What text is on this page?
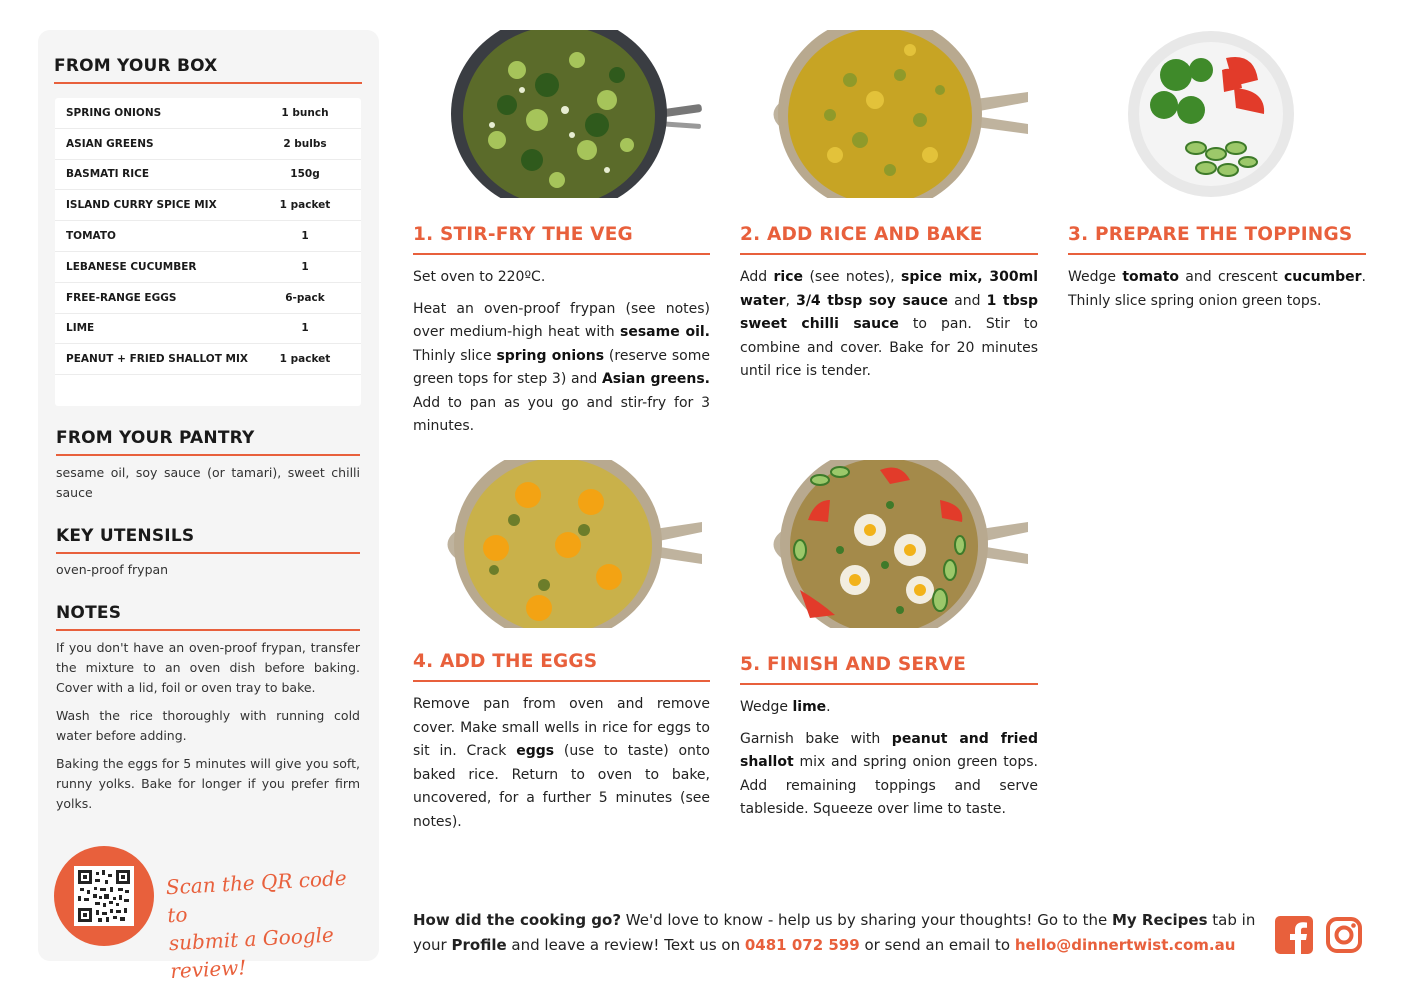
FROM YOUR BOX
SPRING ONIONS	1 bunch
ASIAN GREENS	2 bulbs
BASMATI RICE	150g
ISLAND CURRY SPICE MIX	1 packet
TOMATO	1
LEBANESE CUCUMBER	1
FREE-RANGE EGGS	6-pack
LIME	1
PEANUT + FRIED SHALLOT MIX	1 packet
FROM YOUR PANTRY
sesame oil, soy sauce (or tamari), sweet chilli sauce
KEY UTENSILS
oven-proof frypan
NOTES

If you don't have an oven-proof frypan, transfer the mixture to an oven dish before baking. Cover with a lid, foil or oven tray to bake.

Wash the rice thoroughly with running cold water before adding.

Baking the eggs for 5 minutes will give you soft, runny yolks. Bake for longer if you prefer firm yolks.

Scan the QR code to
submit a Google review!
1. STIR-FRY THE VEG

Set oven to 220ºC.

Heat an oven-proof frypan (see notes) over medium-high heat with sesame oil. Thinly slice spring onions (reserve some green tops for step 3) and Asian greens. Add to pan as you go and stir-fry for 3 minutes.

2. ADD RICE AND BAKE

Add rice (see notes), spice mix, 300ml water, 3/4 tbsp soy sauce and 1 tbsp sweet chilli sauce to pan. Stir to combine and cover. Bake for 20 minutes until rice is tender.

3. PREPARE THE TOPPINGS

Wedge tomato and crescent cucumber. Thinly slice spring onion green tops.

4. ADD THE EGGS

Remove pan from oven and remove cover. Make small wells in rice for eggs to sit in. Crack eggs (use to taste) onto baked rice. Return to oven to bake, uncovered, for a further 5 minutes (see notes).

5. FINISH AND SERVE

Wedge lime.

Garnish bake with peanut and fried shallot mix and spring onion green tops. Add remaining toppings and serve tableside. Squeeze over lime to taste.

How did the cooking go? We'd love to know - help us by sharing your thoughts! Go to the My Recipes tab in your Profile and leave a review! Text us on 0481 072 599 or send an email to hello@dinnertwist.com.au
